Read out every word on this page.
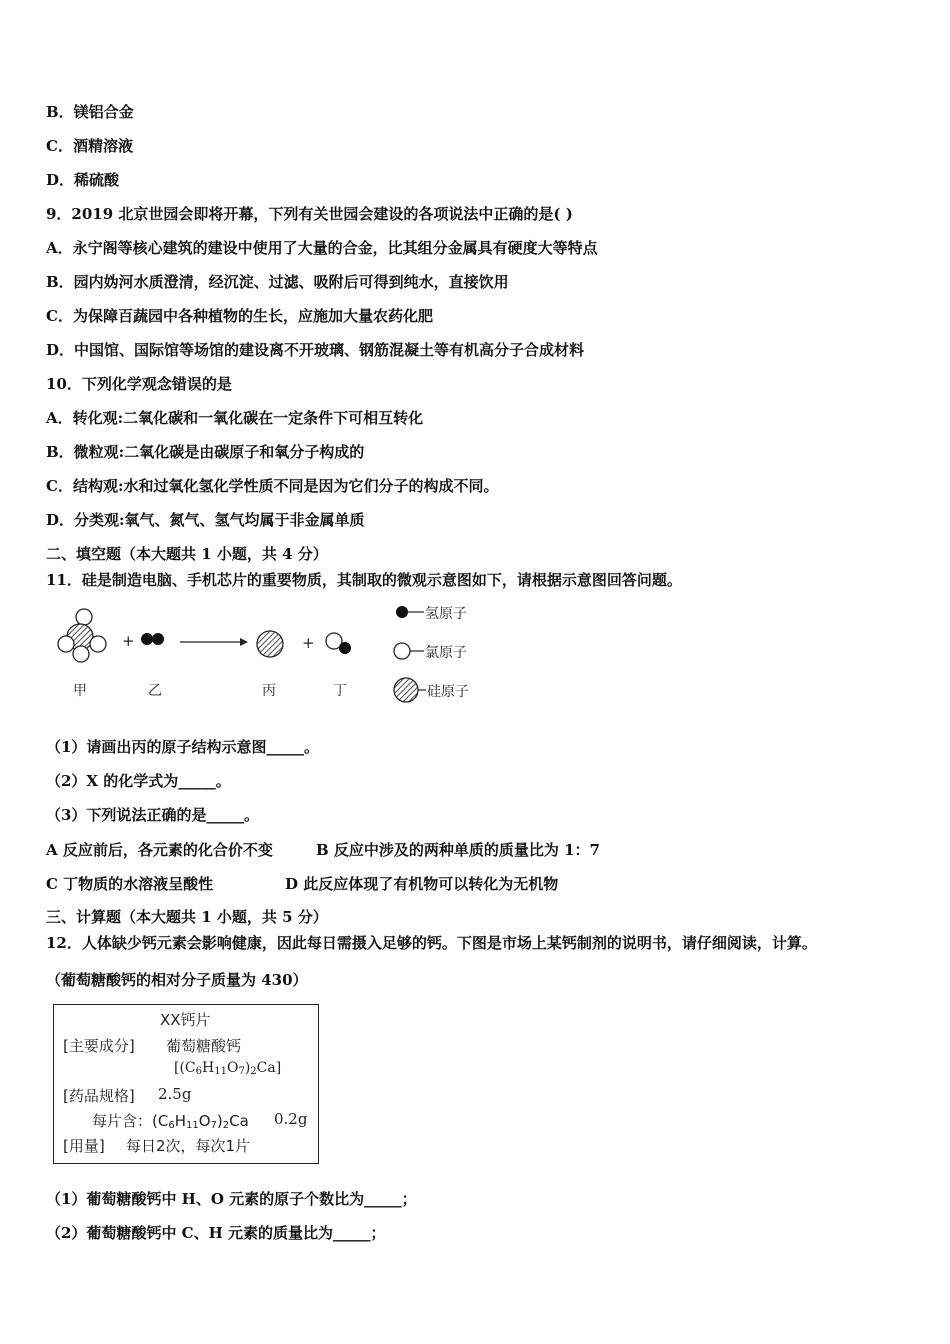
B．镁铝合金
C．酒精溶液
D．稀硫酸
9．2019 北京世园会即将开幕，下列有关世园会建设的各项说法中正确的是( )
A．永宁阁等核心建筑的建设中使用了大量的合金，比其组分金属具有硬度大等特点
B．园内妫河水质澄清，经沉淀、过滤、吸附后可得到纯水，直接饮用
C．为保障百蔬园中各种植物的生长，应施加大量农药化肥
D．中国馆、国际馆等场馆的建设离不开玻璃、钢筋混凝土等有机高分子合成材料
10．下列化学观念错误的是
A．转化观:二氧化碳和一氧化碳在一定条件下可相互转化
B．微粒观:二氧化碳是由碳原子和氧分子构成的
C．结构观:水和过氧化氢化学性质不同是因为它们分子的构成不同。
D．分类观:氧气、氮气、氢气均属于非金属单质
二、填空题（本大题共 1 小题，共 4 分）
11．硅是制造电脑、手机芯片的重要物质，其制取的微观示意图如下，请根据示意图回答问题。
+	+
甲	乙	丙	丁
氢原子
氯原子
硅原子
（1）请画出丙的原子结构示意图_____。
（2）X 的化学式为_____。
（3）下列说法正确的是_____。
A 反应前后，各元素的化合价不变	B 反应中涉及的两种单质的质量比为 1：7
C 丁物质的水溶液呈酸性	D 此反应体现了有机物可以转化为无机物
三、计算题（本大题共 1 小题，共 5 分）
12．人体缺少钙元素会影响健康，因此每日需摄入足够的钙。下图是市场上某钙制剂的说明书，请仔细阅读，计算。
（葡萄糖酸钙的相对分子质量为 430）
XX钙片
[主要成分] 葡萄糖酸钙
$[(C_6H_{11}O_7)_2Ca]$
[药品规格] 2.5g
每片含：$(C_6H_{11}O_7)_2Ca$ 0.2g
[用量] 每日2次，每次1片
（1）葡萄糖酸钙中 H、O 元素的原子个数比为_____；
（2）葡萄糖酸钙中 C、H 元素的质量比为_____；
